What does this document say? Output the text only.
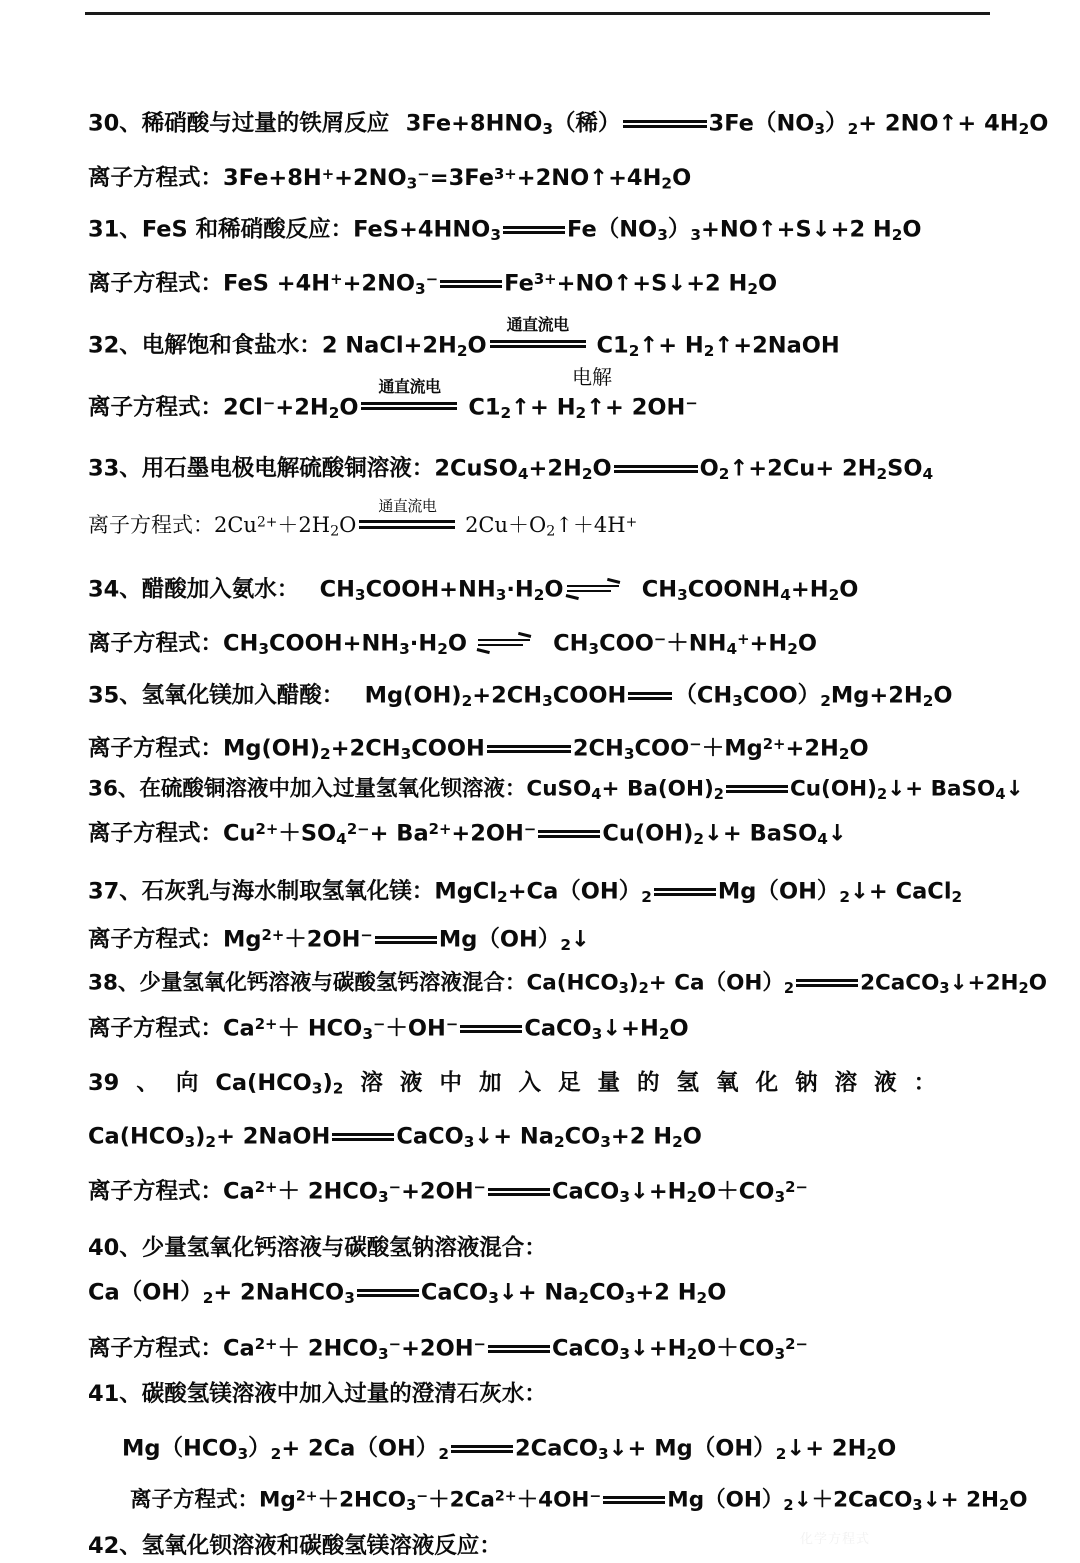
30、稀硝酸与过量的铁屑反应 $3Fe+8HNO_3$（稀）	$3Fe(NO_3)_2+$ 2NO↑+ $4H_2O$
离子方程式：$3Fe+8H^++2NO_3^-=3Fe^{3+}+2NO↑+4H_2O$
31、FeS 和稀硝酸反应：$FeS+4HNO_3$	$Fe(NO_3)_3+NO↑+S↓+2$ $H_2O$
离子方程式：FeS $+4H^++2NO_3^-$	$Fe^{3+}+NO↑+S↓+2$ $H_2O$
32、电解饱和食盐水：2 $NaCl+2H_2O$
通直流电
$C1_2↑+$ $H_2↑+2NaOH$
电解
离子方程式：$2Cl^-+2H_2O$
通直流电
$C1_2↑+$ $H_2↑+ 2OH^-$
33、用石墨电极电解硫酸铜溶液：$2CuSO_4+2H_2O$	$O_2↑+2Cu+ 2H_2SO_4$
离子方程式：$2Cu^{2+}+2H_2O$
通直流电
$2Cu+O_2↑+4H^+$
34、醋酸加入氨水： $CH_3COOH+NH_3\cdot H_2O$	$CH_3COONH_4+H_2O$
离子方程式：$CH_3COOH+NH_3\cdot H_2O$	$CH_3COO^-+NH_4^++H_2O$
35、氢氧化镁加入醋酸： $Mg(OH)_2+2CH_3COOH$ $(CH_3COO)_2Mg+2H_2O$
离子方程式：$Mg(OH)_2+2CH_3COOH$	$2CH_3COO^-+Mg^{2+}+2H_2O$
36、在硫酸铜溶液中加入过量氢氧化钡溶液：CuSO$_4$+ $Ba(OH)_2$	$Cu(OH)_2↓+$ BaSO$_4$↓
离子方程式：$Cu^{2+}+SO_4^{2-}+ Ba^{2+}+2OH^-$	$Cu(OH)_2↓+$ BaSO$_4$↓
37、石灰乳与海水制取氢氧化镁：$MgCl_2+Ca(OH)_2$	$Mg(OH)_2↓+$ CaCl$_2$
离子方程式：$Mg^{2+}+2OH^-$	$Mg(OH)_2↓$
38、少量氢氧化钙溶液与碳酸氢钙溶液混合：$Ca(HCO_3)_2+ Ca(OH)_2$	$2CaCO_3↓+2H_2O$
离子方程式：$Ca^{2+}+ HCO_3^-+OH^-$	$CaCO_3↓+H_2O$
39 、 向 $Ca(HCO_3)_2$ 溶 液 中 加 入 足 量 的 氢 氧 化 钠 溶 液 ：
$Ca(HCO_3)_2+$ 2NaOH	CaCO$_3$↓+ $Na_2CO_3+2$ $H_2O$
离子方程式：$Ca^{2+}+ 2HCO_3^-+2OH^-$	$CaCO_3↓+H_2O+CO_3^{2-}$
40、少量氢氧化钙溶液与碳酸氢钠溶液混合：
$Ca(OH)_2+$ 2NaHCO$_3$	CaCO$_3$↓+ $Na_2CO_3+2$ $H_2O$
离子方程式：$Ca^{2+}+ 2HCO_3^-+2OH^-$	$CaCO_3↓+H_2O+CO_3^{2-}$
41、碳酸氢镁溶液中加入过量的澄清石灰水：
$Mg(HCO_3)_2+ 2Ca(OH)_2$	2CaCO$_3$↓+ $Mg(OH)_2↓+ 2H_2O$
离子方程式：$Mg^{2+}+2HCO_3^-+2Ca^{2+}+4OH^-$	$Mg(OH)_2↓+2CaCO_3↓+ 2H_2O$
42、氢氧化钡溶液和碳酸氢镁溶液反应：	化学方程式
